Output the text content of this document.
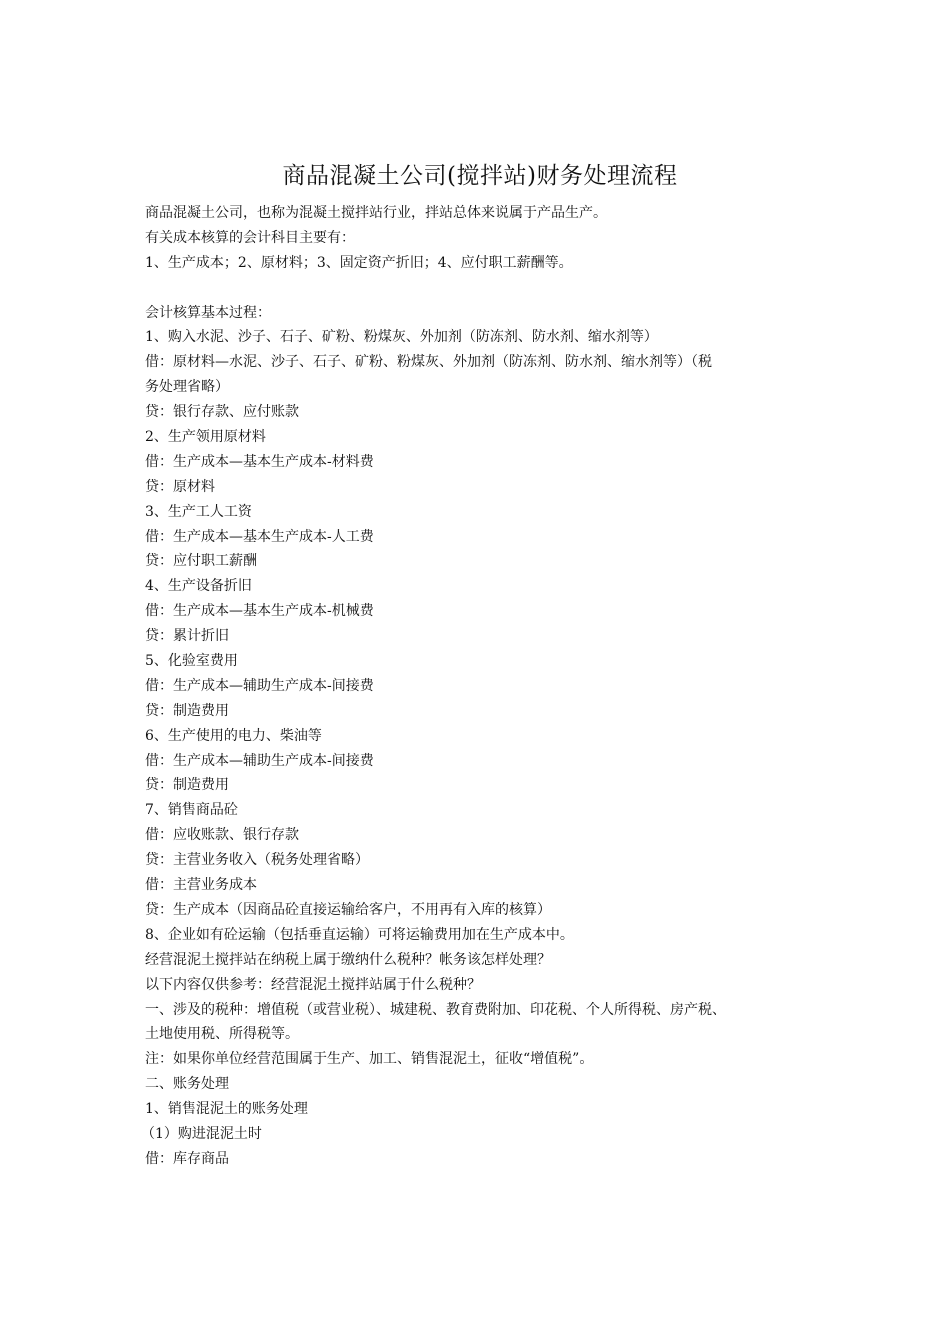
商品混凝土公司(搅拌站)财务处理流程
商品混凝土公司，也称为混凝土搅拌站行业，拌站总体来说属于产品生产。
有关成本核算的会计科目主要有：
1、生产成本；2、原材料；3、固定资产折旧；4、应付职工薪酬等。
会计核算基本过程：
1、购入水泥、沙子、石子、矿粉、粉煤灰、外加剂（防冻剂、防水剂、缩水剂等）
借：原材料—水泥、沙子、石子、矿粉、粉煤灰、外加剂（防冻剂、防水剂、缩水剂等）（税
务处理省略）
贷：银行存款、应付账款
2、生产领用原材料
借：生产成本—基本生产成本-材料费
贷：原材料
3、生产工人工资
借：生产成本—基本生产成本-人工费
贷：应付职工薪酬
4、生产设备折旧
借：生产成本—基本生产成本-机械费
贷：累计折旧
5、化验室费用
借：生产成本—辅助生产成本-间接费
贷：制造费用
6、生产使用的电力、柴油等
借：生产成本—辅助生产成本-间接费
贷：制造费用
7、销售商品砼
借：应收账款、银行存款
贷：主营业务收入（税务处理省略）
借：主营业务成本
贷：生产成本（因商品砼直接运输给客户，不用再有入库的核算）
8、企业如有砼运输（包括垂直运输）可将运输费用加在生产成本中。
经营混泥土搅拌站在纳税上属于缴纳什么税种？帐务该怎样处理？
以下内容仅供参考：经营混泥土搅拌站属于什么税种？
一、涉及的税种：增值税（或营业税）、城建税、教育费附加、印花税、个人所得税、房产税、
土地使用税、所得税等。
注：如果你单位经营范围属于生产、加工、销售混泥土，征收“增值税”。
二、账务处理
1、销售混泥土的账务处理
（1）购进混泥土时
借：库存商品
